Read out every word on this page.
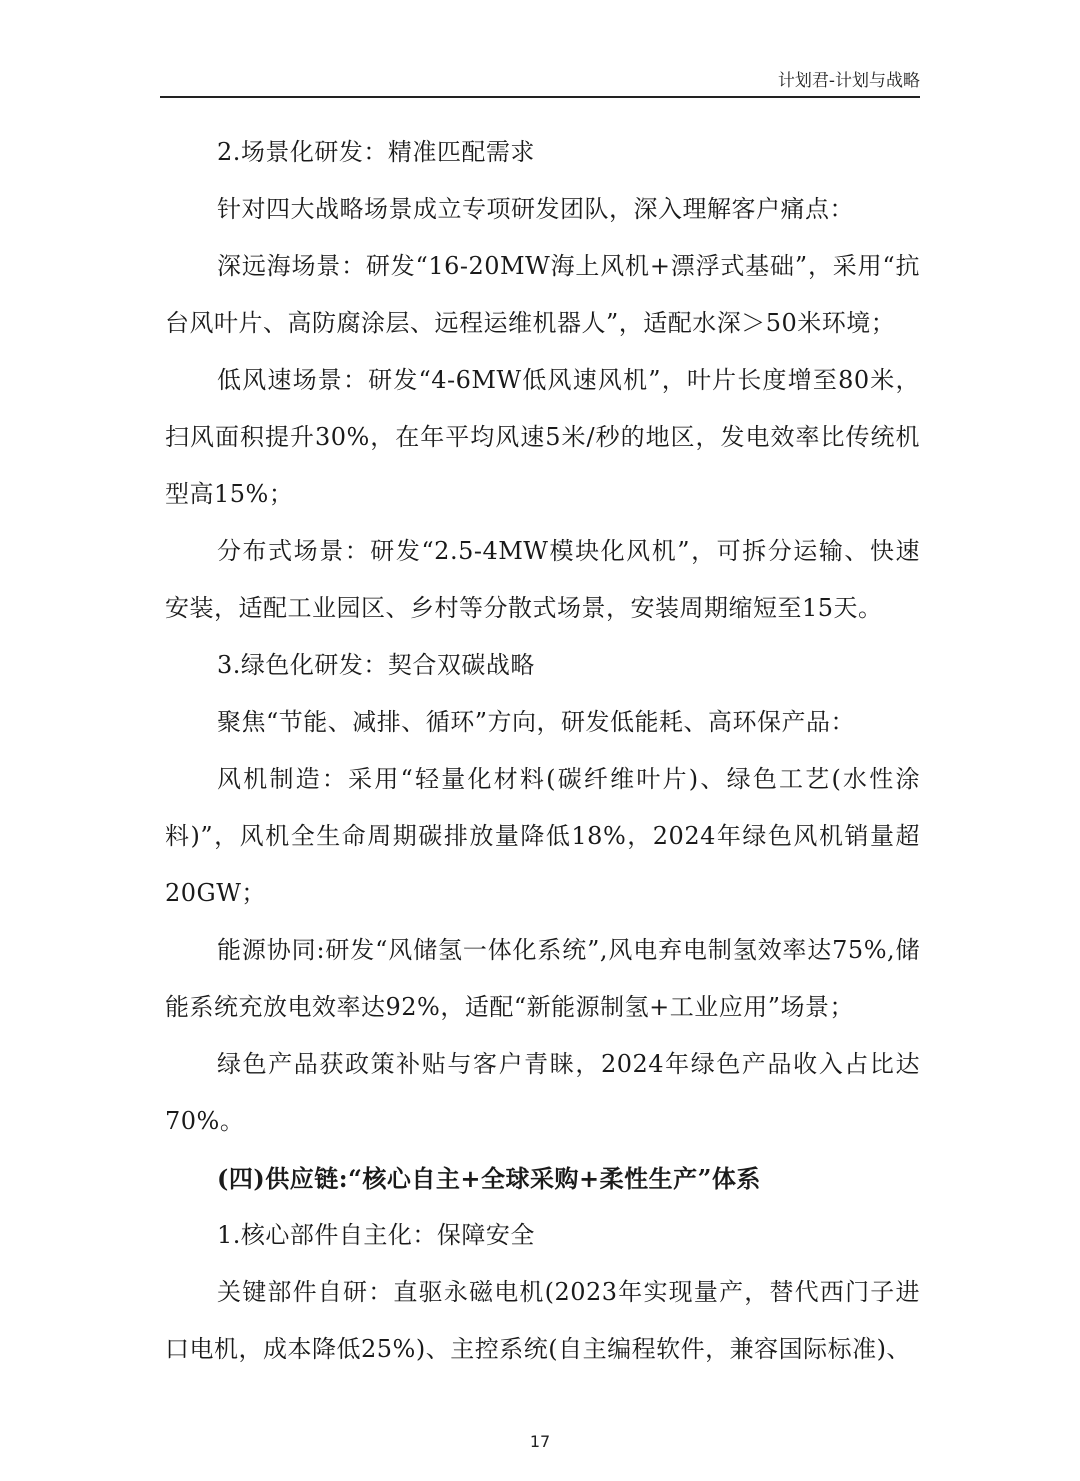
计划君-计划与战略

2.场景化研发：精准匹配需求

针对四大战略场景成立专项研发团队，深入理解客户痛点：

深远海场景：研发“16-20MW海上风机+漂浮式基础”，采用“抗台风叶片、高防腐涂层、远程运维机器人”，适配水深＞50米环境；

低风速场景：研发“4-6MW低风速风机”，叶片长度增至80米，扫风面积提升30%，在年平均风速5米/秒的地区，发电效率比传统机型高15%；

分布式场景：研发“2.5-4MW模块化风机”，可拆分运输、快速安装，适配工业园区、乡村等分散式场景，安装周期缩短至15天。

3.绿色化研发：契合双碳战略

聚焦“节能、减排、循环”方向，研发低能耗、高环保产品：

风机制造：采用“轻量化材料(碳纤维叶片)、绿色工艺(水性涂料)”，风机全生命周期碳排放量降低18%，2024年绿色风机销量超20GW；

能源协同:研发“风储氢一体化系统”,风电弃电制氢效率达75%,储能系统充放电效率达92%，适配“新能源制氢+工业应用”场景；

绿色产品获政策补贴与客户青睐，2024年绿色产品收入占比达70%。

(四)供应链:“核心自主+全球采购+柔性生产”体系

1.核心部件自主化：保障安全

关键部件自研：直驱永磁电机(2023年实现量产，替代西门子进口电机，成本降低25%)、主控系统(自主编程软件，兼容国际标准)、

17
